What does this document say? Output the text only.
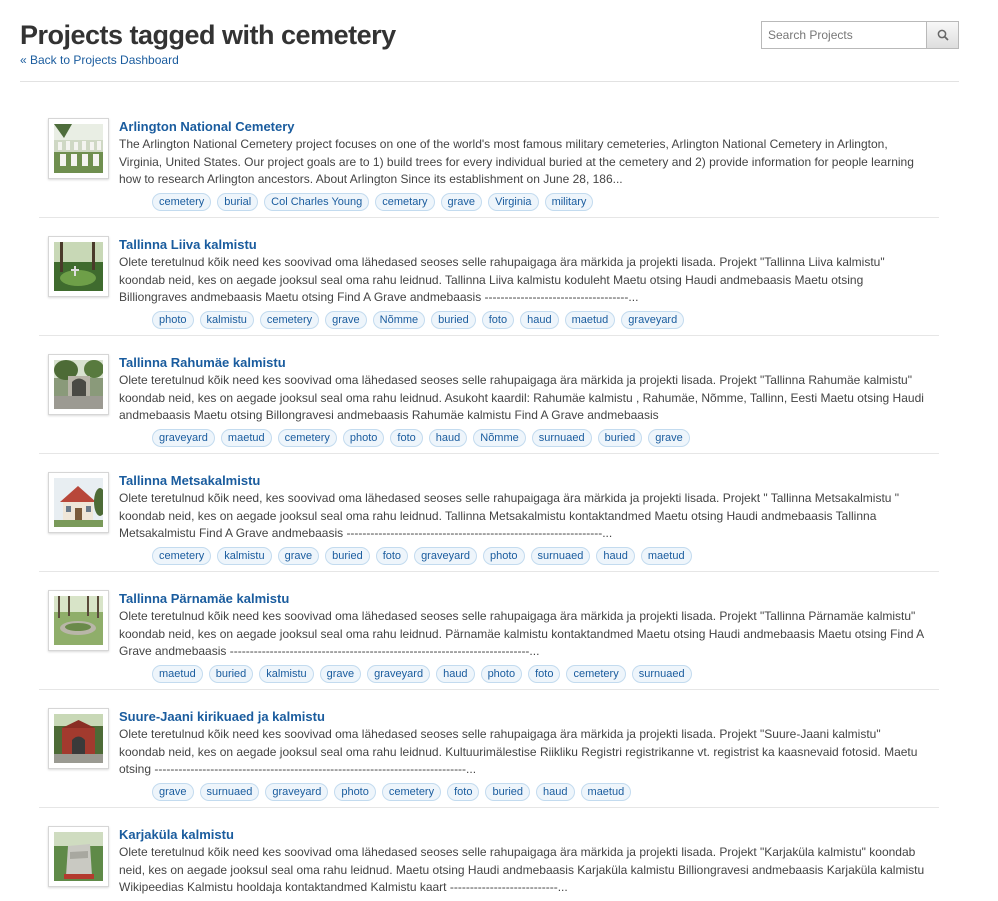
Projects tagged with cemetery
« Back to Projects Dashboard
Search Projects
Arlington National Cemetery

The Arlington National Cemetery project focuses on one of the world's most famous military cemeteries, Arlington National Cemetery in Arlington, Virginia, United States. Our project goals are to 1) build trees for every individual buried at the cemetery and 2) provide information for people learning how to research Arlington ancestors. About Arlington Since its establishment on June 28, 186...

cemetery	burial	Col Charles Young	cemetary	grave	Virginia	military
Tallinna Liiva kalmistu

Olete teretulnud kõik need kes soovivad oma lähedased seoses selle rahupaigaga ära märkida ja projekti lisada. Projekt "Tallinna Liiva kalmistu" koondab neid, kes on aegade jooksul seal oma rahu leidnud. Tallinna Liiva kalmistu koduleht Maetu otsing Haudi andmebaasis Maetu otsing Billiongraves andmebaasis Maetu otsing Find A Grave andmebaasis ------------------------------------...

photo	kalmistu	cemetery	grave	Nõmme	buried	foto	haud	maetud	graveyard
Tallinna Rahumäe kalmistu

Olete teretulnud kõik need kes soovivad oma lähedased seoses selle rahupaigaga ära märkida ja projekti lisada. Projekt "Tallinna Rahumäe kalmistu" koondab neid, kes on aegade jooksul seal oma rahu leidnud. Asukoht kaardil: Rahumäe kalmistu , Rahumäe, Nõmme, Tallinn, Eesti Maetu otsing Haudi andmebaasis Maetu otsing Billongravesi andmebaasis Rahumäe kalmistu Find A Grave andmebaasis

graveyard	maetud	cemetery	photo	foto	haud	Nõmme	surnuaed	buried	grave
Tallinna Metsakalmistu

Olete teretulnud kõik need, kes soovivad oma lähedased seoses selle rahupaigaga ära märkida ja projekti lisada. Projekt " Tallinna Metsakalmistu " koondab neid, kes on aegade jooksul seal oma rahu leidnud. Tallinna Metsakalmistu kontaktandmed Maetu otsing Haudi andmebaasis Tallinna Metsakalmistu Find A Grave andmebaasis ----------------------------------------------------------------...

cemetery	kalmistu	grave	buried	foto	graveyard	photo	surnuaed	haud	maetud
Tallinna Pärnamäe kalmistu

Olete teretulnud kõik need kes soovivad oma lähedased seoses selle rahupaigaga ära märkida ja projekti lisada. Projekt "Tallinna Pärnamäe kalmistu" koondab neid, kes on aegade jooksul seal oma rahu leidnud. Pärnamäe kalmistu kontaktandmed Maetu otsing Haudi andmebaasis Maetu otsing Find A Grave andmebaasis ---------------------------------------------------------------------------...

maetud	buried	kalmistu	grave	graveyard	haud	photo	foto	cemetery	surnuaed
Suure-Jaani kirikuaed ja kalmistu

Olete teretulnud kõik need kes soovivad oma lähedased seoses selle rahupaigaga ära märkida ja projekti lisada. Projekt "Suure-Jaani kalmistu" koondab neid, kes on aegade jooksul seal oma rahu leidnud. Kultuurimälestise Riikliku Registri registrikanne vt. registrist ka kaasnevaid fotosid. Maetu otsing ------------------------------------------------------------------------------...

grave	surnuaed	graveyard	photo	cemetery	foto	buried	haud	maetud
Karjaküla kalmistu

Olete teretulnud kõik need kes soovivad oma lähedased seoses selle rahupaigaga ära märkida ja projekti lisada. Projekt "Karjaküla kalmistu" koondab neid, kes on aegade jooksul seal oma rahu leidnud. Maetu otsing Haudi andmebaasis Karjaküla kalmistu Billiongravesi andmebaasis Karjaküla kalmistu Wikipeedias Kalmistu hooldaja kontaktandmed Kalmistu kaart ---------------------------...
